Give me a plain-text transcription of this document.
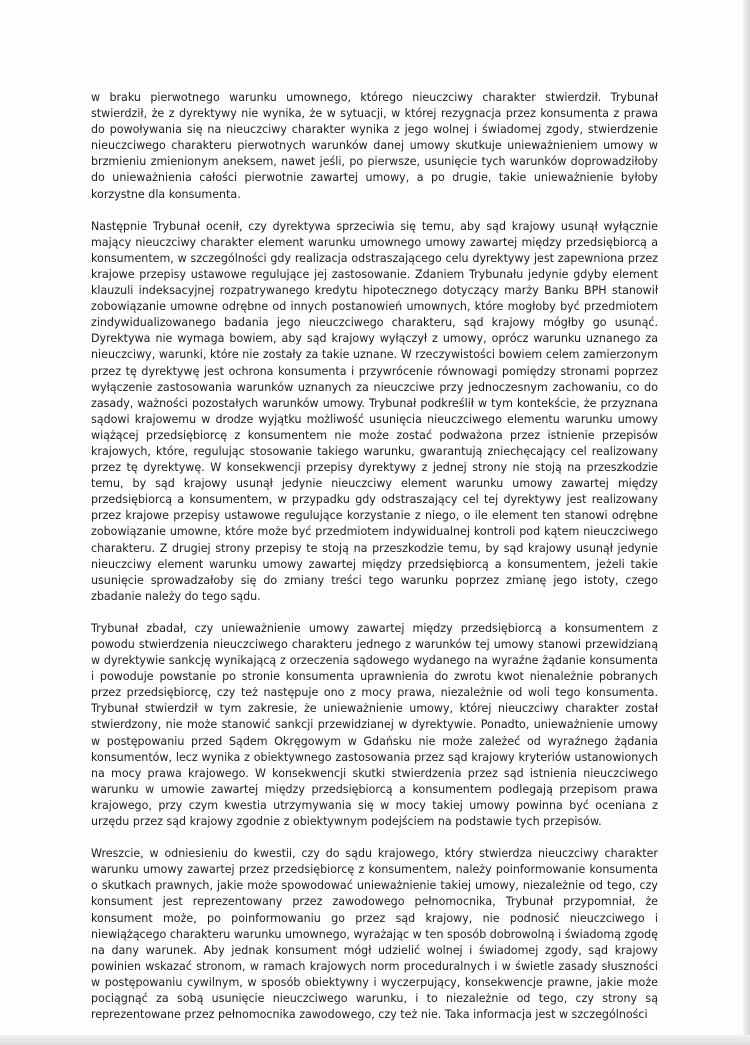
w braku pierwotnego warunku umownego, którego nieuczciwy charakter stwierdził. Trybunał stwierdził, że z dyrektywy nie wynika, że w sytuacji, w której rezygnacja przez konsumenta z prawa do powoływania się na nieuczciwy charakter wynika z jego wolnej i świadomej zgody, stwierdzenie nieuczciwego charakteru pierwotnych warunków danej umowy skutkuje unieważnieniem umowy w brzmieniu zmienionym aneksem, nawet jeśli, po pierwsze, usunięcie tych warunków doprowadziłoby do unieważnienia całości pierwotnie zawartej umowy, a po drugie, takie unieważnienie byłoby korzystne dla konsumenta.

Następnie Trybunał ocenił, czy dyrektywa sprzeciwia się temu, aby sąd krajowy usunął wyłącznie mający nieuczciwy charakter element warunku umownego umowy zawartej między przedsiębiorcą a konsumentem, w szczególności gdy realizacja odstraszającego celu dyrektywy jest zapewniona przez krajowe przepisy ustawowe regulujące jej zastosowanie. Zdaniem Trybunału jedynie gdyby element klauzuli indeksacyjnej rozpatrywanego kredytu hipotecznego dotyczący marży Banku BPH stanowił zobowiązanie umowne odrębne od innych postanowień umownych, które mogłoby być przedmiotem zindywidualizowanego badania jego nieuczciwego charakteru, sąd krajowy mógłby go usunąć. Dyrektywa nie wymaga bowiem, aby sąd krajowy wyłączył z umowy, oprócz warunku uznanego za nieuczciwy, warunki, które nie zostały za takie uznane. W rzeczywistości bowiem celem zamierzonym przez tę dyrektywę jest ochrona konsumenta i przywrócenie równowagi pomiędzy stronami poprzez wyłączenie zastosowania warunków uznanych za nieuczciwe przy jednoczesnym zachowaniu, co do zasady, ważności pozostałych warunków umowy. Trybunał podkreślił w tym kontekście, że przyznana sądowi krajowemu w drodze wyjątku możliwość usunięcia nieuczciwego elementu warunku umowy wiążącej przedsiębiorcę z konsumentem nie może zostać podważona przez istnienie przepisów krajowych, które, regulując stosowanie takiego warunku, gwarantują zniechęcający cel realizowany przez tę dyrektywę. W konsekwencji przepisy dyrektywy z jednej strony nie stoją na przeszkodzie temu, by sąd krajowy usunął jedynie nieuczciwy element warunku umowy zawartej między przedsiębiorcą a konsumentem, w przypadku gdy odstraszający cel tej dyrektywy jest realizowany przez krajowe przepisy ustawowe regulujące korzystanie z niego, o ile element ten stanowi odrębne zobowiązanie umowne, które może być przedmiotem indywidualnej kontroli pod kątem nieuczciwego charakteru. Z drugiej strony przepisy te stoją na przeszkodzie temu, by sąd krajowy usunął jedynie nieuczciwy element warunku umowy zawartej między przedsiębiorcą a konsumentem, jeżeli takie usunięcie sprowadzałoby się do zmiany treści tego warunku poprzez zmianę jego istoty, czego zbadanie należy do tego sądu.

Trybunał zbadał, czy unieważnienie umowy zawartej między przedsiębiorcą a konsumentem z powodu stwierdzenia nieuczciwego charakteru jednego z warunków tej umowy stanowi przewidzianą w dyrektywie sankcję wynikającą z orzeczenia sądowego wydanego na wyraźne żądanie konsumenta i powoduje powstanie po stronie konsumenta uprawnienia do zwrotu kwot nienależnie pobranych przez przedsiębiorcę, czy też następuje ono z mocy prawa, niezależnie od woli tego konsumenta. Trybunał stwierdził w tym zakresie, że unieważnienie umowy, której nieuczciwy charakter został stwierdzony, nie może stanowić sankcji przewidzianej w dyrektywie. Ponadto, unieważnienie umowy w postępowaniu przed Sądem Okręgowym w Gdańsku nie może zależeć od wyraźnego żądania konsumentów, lecz wynika z obiektywnego zastosowania przez sąd krajowy kryteriów ustanowionych na mocy prawa krajowego. W konsekwencji skutki stwierdzenia przez sąd istnienia nieuczciwego warunku w umowie zawartej między przedsiębiorcą a konsumentem podlegają przepisom prawa krajowego, przy czym kwestia utrzymywania się w mocy takiej umowy powinna być oceniana z urzędu przez sąd krajowy zgodnie z obiektywnym podejściem na podstawie tych przepisów.

Wreszcie, w odniesieniu do kwestii, czy do sądu krajowego, który stwierdza nieuczciwy charakter warunku umowy zawartej przez przedsiębiorcę z konsumentem, należy poinformowanie konsumenta o skutkach prawnych, jakie może spowodować unieważnienie takiej umowy, niezależnie od tego, czy konsument jest reprezentowany przez zawodowego pełnomocnika, Trybunał przypomniał, że konsument może, po poinformowaniu go przez sąd krajowy, nie podnosić nieuczciwego i niewiążącego charakteru warunku umownego, wyrażając w ten sposób dobrowolną i świadomą zgodę na dany warunek. Aby jednak konsument mógł udzielić wolnej i świadomej zgody, sąd krajowy powinien wskazać stronom, w ramach krajowych norm proceduralnych i w świetle zasady słuszności w postępowaniu cywilnym, w sposób obiektywny i wyczerpujący, konsekwencje prawne, jakie może pociągnąć za sobą usunięcie nieuczciwego warunku, i to niezależnie od tego, czy strony są reprezentowane przez pełnomocnika zawodowego, czy też nie. Taka informacja jest w szczególności
